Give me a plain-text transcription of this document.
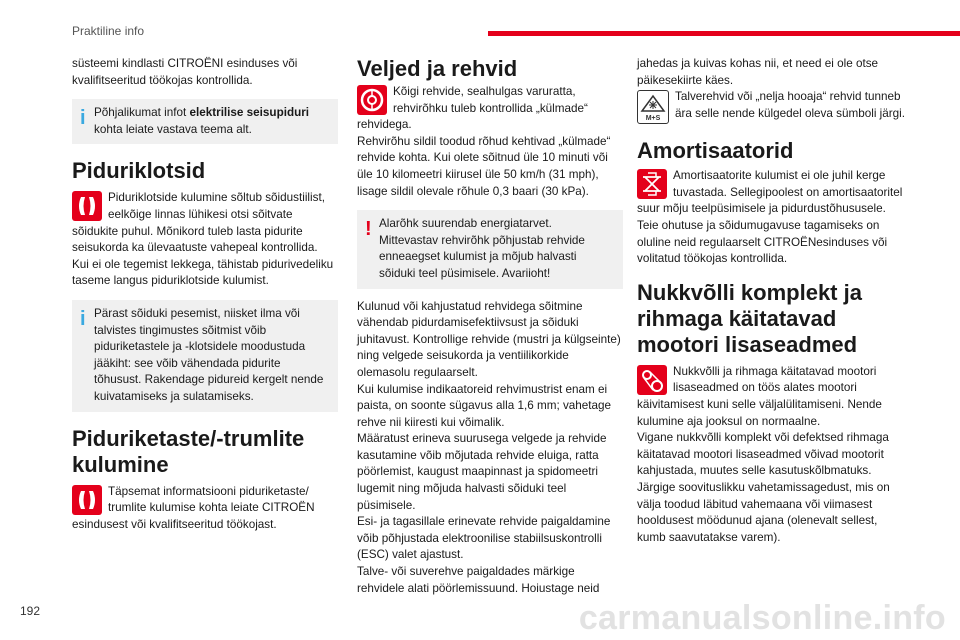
Praktiline info

süsteemi kindlasti CITROËNI esinduses või kvalifitseeritud töökojas kontrollida.

i Põhjalikumat infot elektrilise seisupiduri kohta leiate vastava teema alt.
Piduriklotsid

Piduriklotside kulumine sõltub sõidustiilist, eelkõige linnas lühikesi otsi sõitvate sõidukite puhul. Mõnikord tuleb lasta pidurite seisukorda ka ülevaatuste vahepeal kontrollida.

Kui ei ole tegemist lekkega, tähistab pidurivedeliku taseme langus piduriklotside kulumist.

i Pärast sõiduki pesemist, niisket ilma või talvistes tingimustes sõitmist võib piduriketastele ja -klotsidele moodustuda jääkiht: see võib vähendada pidurite tõhusust. Rakendage pidureid kergelt nende kuivatamiseks ja sulatamiseks.
Piduriketaste/-trumlite kulumine

Täpsemat informatsiooni piduriketaste/ trumlite kulumise kohta leiate CITROËN esindusest või kvalifitseeritud töökojast.

Veljed ja rehvid

Kõigi rehvide, sealhulgas varuratta, rehvirõhku tuleb kontrollida „külmade“ rehvidega.

Rehvirõhu sildil toodud rõhud kehtivad „külmade“ rehvide kohta. Kui olete sõitnud üle 10 minuti või üle 10 kilomeetri kiirusel üle 50 km/h (31 mph), lisage sildil olevale rõhule 0,3 baari (30 kPa).

! Alarõhk suurendab energiatarvet. Mittevastav rehvirõhk põhjustab rehvide enneaegset kulumist ja mõjub halvasti sõiduki teel püsimisele. Avariioht!

Kulunud või kahjustatud rehvidega sõitmine vähendab pidurdamisefektiivsust ja sõiduki juhitavust. Kontrollige rehvide (mustri ja külgseinte) ning velgede seisukorda ja ventiilikorkide olemasolu regulaarselt.

Kui kulumise indikaatoreid rehvimustrist enam ei paista, on soonte sügavus alla 1,6 mm; vahetage rehve nii kiiresti kui võimalik.

Määratust erineva suurusega velgede ja rehvide kasutamine võib mõjutada rehvide eluiga, ratta pöörlemist, kaugust maapinnast ja spidomeetri lugemit ning mõjuda halvasti sõiduki teel püsimisele.

Esi- ja tagasillale erinevate rehvide paigaldamine võib põhjustada elektroonilise stabiilsuskontrolli (ESC) valet ajastust.

Talve- või suverehve paigaldades märkige rehvidele alati pöörlemissuund. Hoiustage neid

jahedas ja kuivas kohas nii, et need ei ole otse päikesekiirte käes.

M+S

Talverehvid või „nelja hooaja“ rehvid tunneb ära selle nende külgedel oleva sümboli järgi.

Amortisaatorid

Amortisaatorite kulumist ei ole juhil kerge tuvastada. Sellegipoolest on amortisaatoritel suur mõju teelpüsimisele ja pidurdustõhususele.

Teie ohutuse ja sõidumugavuse tagamiseks on oluline neid regulaarselt CITROËNesinduses või volitatud töökojas kontrollida.

Nukkvõlli komplekt ja rihmaga käitatavad mootori lisaseadmed

Nukkvõlli ja rihmaga käitatavad mootori lisaseadmed on töös alates mootori käivitamisest kuni selle väljalülitamiseni. Nende kulumine aja jooksul on normaalne.

Vigane nukkvõlli komplekt või defektsed rihmaga käitatavad mootori lisaseadmed võivad mootorit kahjustada, muutes selle kasutuskõlbmatuks.

Järgige soovituslikku vahetamissagedust, mis on välja toodud läbitud vahemaana või viimasest hooldusest möödunud ajana (olenevalt sellest, kumb saavutatakse varem).

192	carmanualsonline.info
